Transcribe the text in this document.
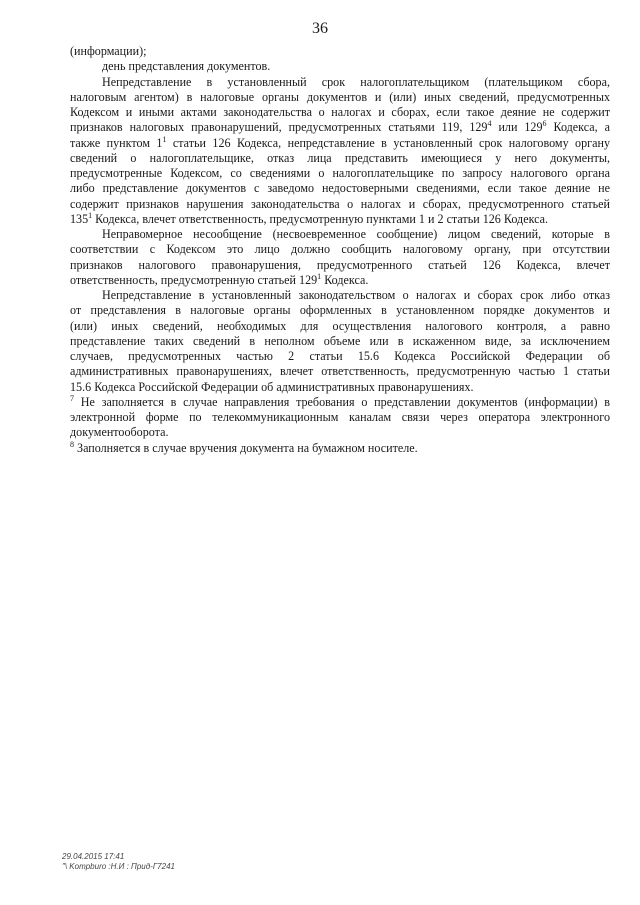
36
(информации);
день представления документов.
Непредставление в установленный срок налогоплательщиком (плательщиком сбора,
налоговым агентом) в налоговые органы документов и (или) иных сведений, предусмотренных
Кодексом и иными актами законодательства о налогах и сборах, если такое деяние не содержит
признаков налоговых правонарушений, предусмотренных статьями 119, $129^4$ или $129^6$ Кодекса, а
также пунктом $1^1$ статьи 126 Кодекса, непредставление в установленный срок налоговому органу
сведений о налогоплательщике, отказ лица представить имеющиеся у него документы,
предусмотренные Кодексом, со сведениями о налогоплательщике по запросу налогового органа
либо представление документов с заведомо недостоверными сведениями, если такое деяние не
содержит признаков нарушения законодательства о налогах и сборах, предусмотренного статьей
$135^1$ Кодекса, влечет ответственность, предусмотренную пунктами 1 и 2 статьи 126 Кодекса.
Неправомерное несообщение (несвоевременное сообщение) лицом сведений, которые в
соответствии с Кодексом это лицо должно сообщить налоговому органу, при отсутствии
признаков налогового правонарушения, предусмотренного статьей 126 Кодекса, влечет
ответственность, предусмотренную статьей $129^1$ Кодекса.
Непредставление в установленный законодательством о налогах и сборах срок либо отказ
от представления в налоговые органы оформленных в установленном порядке документов и
(или) иных сведений, необходимых для осуществления налогового контроля, а равно
представление таких сведений в неполном объеме или в искаженном виде, за исключением
случаев, предусмотренных частью 2 статьи 15.6 Кодекса Российской Федерации об
административных правонарушениях, влечет ответственность, предусмотренную частью 1 статьи
15.6 Кодекса Российской Федерации об административных правонарушениях.
$^7$ Не заполняется в случае направления требования о представлении документов (информации) в
электронной форме по телекоммуникационным каналам связи через оператора электронного
документооборота.
$^8$ Заполняется в случае вручения документа на бумажном носителе.
29.04.2015 17:41
"\ Kompburo :Н.И : Прид-Г7241
